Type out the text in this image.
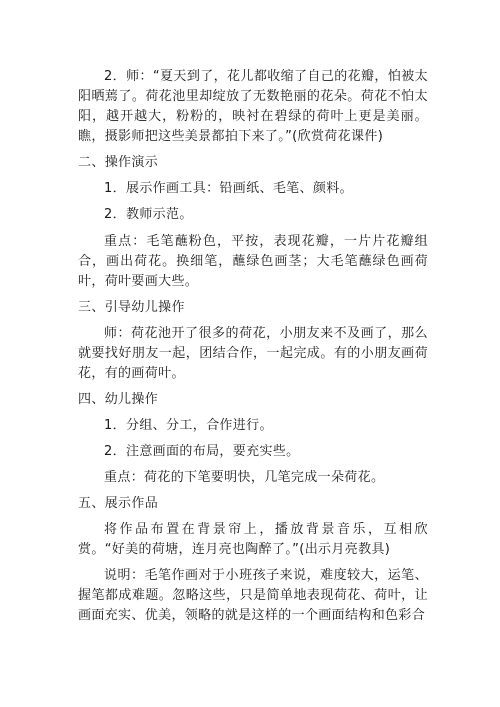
2．师：“夏天到了，花儿都收缩了自己的花瓣，怕被太阳晒蔫了。荷花池里却绽放了无数艳丽的花朵。荷花不怕太阳，越开越大，粉粉的，映衬在碧绿的荷叶上更是美丽。瞧，摄影师把这些美景都拍下来了。”(欣赏荷花课件)

二、操作演示

1．展示作画工具：铅画纸、毛笔、颜料。

2．教师示范。

重点：毛笔蘸粉色，平按，表现花瓣，一片片花瓣组合，画出荷花。换细笔，蘸绿色画茎；大毛笔蘸绿色画荷叶，荷叶要画大些。

三、引导幼儿操作

师：荷花池开了很多的荷花，小朋友来不及画了，那么就要找好朋友一起，团结合作，一起完成。有的小朋友画荷花，有的画荷叶。

四、幼儿操作

1．分组、分工，合作进行。

2．注意画面的布局，要充实些。

重点：荷花的下笔要明快，几笔完成一朵荷花。

五、展示作品

将作品布置在背景帘上，播放背景音乐，互相欣赏。“好美的荷塘，连月亮也陶醉了。”(出示月亮教具)

说明：毛笔作画对于小班孩子来说，难度较大，运笔、握笔都成难题。忽略这些，只是简单地表现荷花、荷叶，让画面充实、优美，领略的就是这样的一个画面结构和色彩合
